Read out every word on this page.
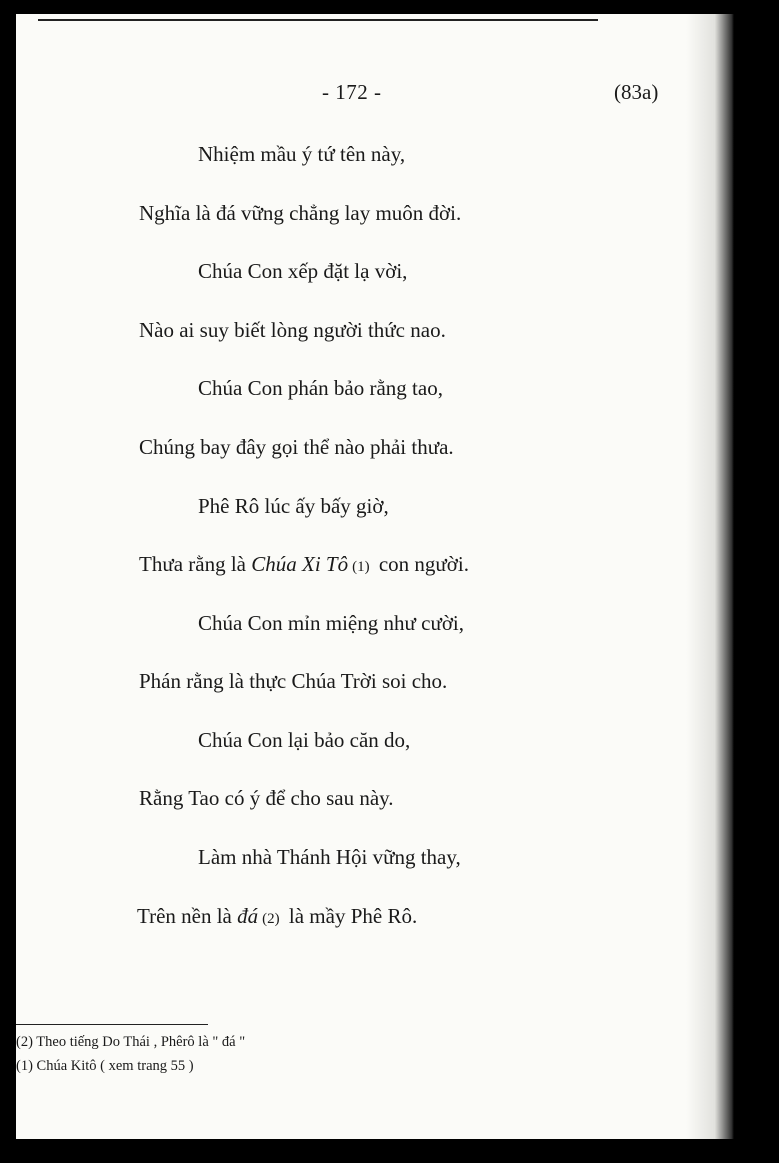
- 172 -	(83a)
Nhiệm mầu ý tứ tên này,
Nghĩa là đá vững chẳng lay muôn đời.
Chúa Con xếp đặt lạ vời,
Nào ai suy biết lòng người thức nao.
Chúa Con phán bảo rằng tao,
Chúng bay đây gọi thể nào phải thưa.
Phê Rô lúc ấy bấy giờ,
Thưa rằng là Chúa Xi Tô (1) con người.
Chúa Con mỉn miệng như cười,
Phán rằng là thực Chúa Trời soi cho.
Chúa Con lại bảo căn do,
Rằng Tao có ý để cho sau này.
Làm nhà Thánh Hội vững thay,
Trên nền là đá (2) là mầy Phê Rô.
(2) Theo tiếng Do Thái , Phêrô là " đá "
(1) Chúa Kitô ( xem trang 55 )
